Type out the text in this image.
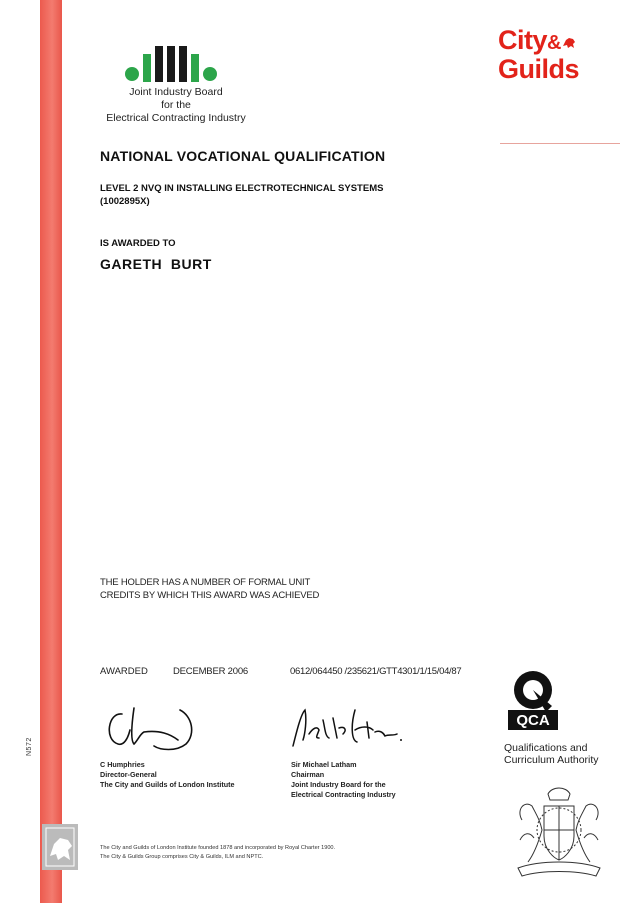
N572
Joint Industry Board
for the
Electrical Contracting Industry
City&
Guilds
NATIONAL VOCATIONAL QUALIFICATION
LEVEL 2 NVQ IN INSTALLING ELECTROTECHNICAL SYSTEMS
(1002895X)
IS AWARDED TO
GARETH  BURT
THE HOLDER HAS A NUMBER OF FORMAL UNIT
CREDITS BY WHICH THIS AWARD WAS ACHIEVED
AWARDED	DECEMBER 2006	0612/064450 /235621/GTT4301/1/15/04/87
C Humphries
Director-General
The City and Guilds of London Institute
Sir Michael Latham
Chairman
Joint Industry Board for the
Electrical Contracting Industry
QCA
Qualifications and
Curriculum Authority
The City and Guilds of London Institute founded 1878 and incorporated by Royal Charter 1900.
The City & Guilds Group comprises City & Guilds, ILM and NPTC.
